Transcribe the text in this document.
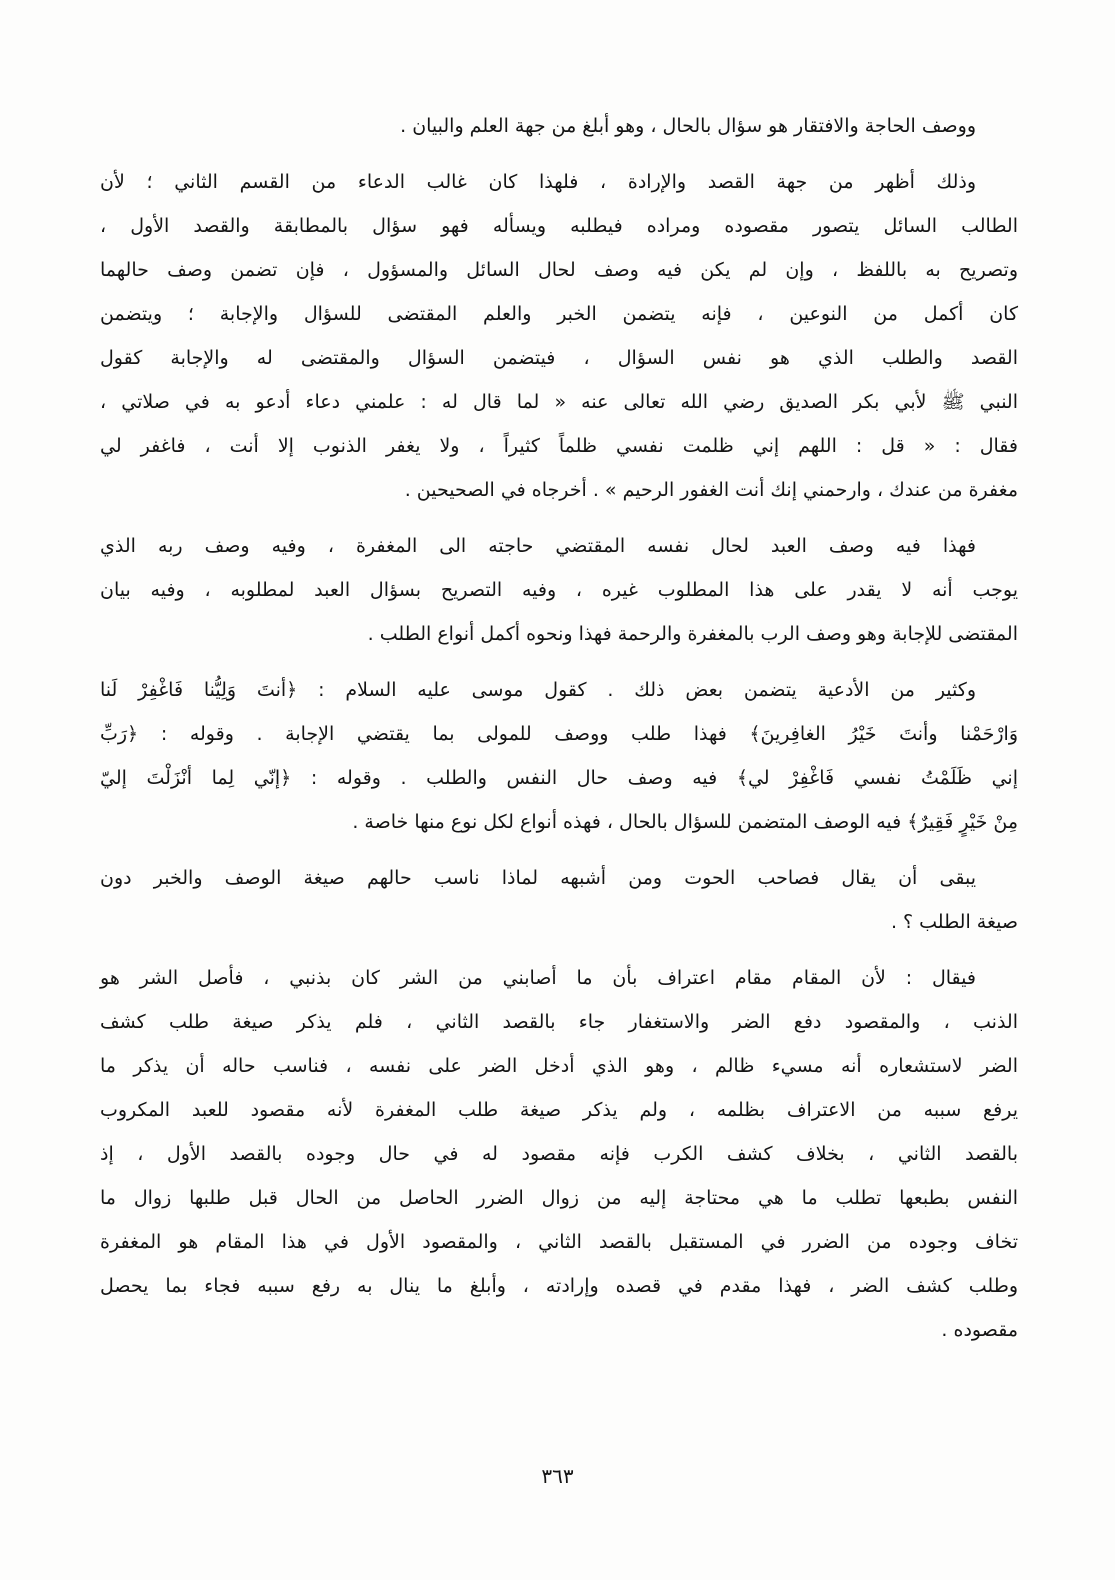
ووصف الحاجة والافتقار هو سؤال بالحال ، وهو أبلغ من جهة العلم والبيان .
وذلك أظهر من جهة القصد والإرادة ، فلهذا كان غالب الدعاء من القسم الثاني ؛ لأن
الطالب السائل يتصور مقصوده ومراده فيطلبه ويسأله فهو سؤال بالمطابقة والقصد الأول ،
وتصريح به باللفظ ، وإن لم يكن فيه وصف لحال السائل والمسؤول ، فإن تضمن وصف حالهما
كان أكمل من النوعين ، فإنه يتضمن الخبر والعلم المقتضى للسؤال والإجابة ؛ ويتضمن
القصد والطلب الذي هو نفس السؤال ، فيتضمن السؤال والمقتضى له والإجابة كقول
النبي ﷺ لأبي بكر الصديق رضي الله تعالى عنه « لما قال له : علمني دعاء أدعو به في صلاتي ،
فقال : « قل : اللهم إني ظلمت نفسي ظلماً كثيراً ، ولا يغفر الذنوب إلا أنت ، فاغفر لي
مغفرة من عندك ، وارحمني إنك أنت الغفور الرحيم » . أخرجاه في الصحيحين .
فهذا فيه وصف العبد لحال نفسه المقتضي حاجته الى المغفرة ، وفيه وصف ربه الذي
يوجب أنه لا يقدر على هذا المطلوب غيره ، وفيه التصريح بسؤال العبد لمطلوبه ، وفيه بيان
المقتضى للإجابة وهو وصف الرب بالمغفرة والرحمة فهذا ونحوه أكمل أنواع الطلب .
وكثير من الأدعية يتضمن بعض ذلك . كقول موسى عليه السلام : ﴿أنتَ وَلِيُّنا فَاغْفِرْ لَنا
وَارْحَمْنا وأنتَ خَيْرُ الغافِرينَ﴾ فهذا طلب ووصف للمولى بما يقتضي الإجابة . وقوله : ﴿رَبِّ
إني ظَلَمْتُ نفسي فَاغْفِرْ لي﴾ فيه وصف حال النفس والطلب . وقوله : ﴿إنّي لِما أنْزَلْتَ إليّ
مِنْ خَيْرٍ فَقِيرٌ﴾ فيه الوصف المتضمن للسؤال بالحال ، فهذه أنواع لكل نوع منها خاصة .
يبقى أن يقال فصاحب الحوت ومن أشبهه لماذا ناسب حالهم صيغة الوصف والخبر دون
صيغة الطلب ؟ .
فيقال : لأن المقام مقام اعتراف بأن ما أصابني من الشر كان بذنبي ، فأصل الشر هو
الذنب ، والمقصود دفع الضر والاستغفار جاء بالقصد الثاني ، فلم يذكر صيغة طلب كشف
الضر لاستشعاره أنه مسيء ظالم ، وهو الذي أدخل الضر على نفسه ، فناسب حاله أن يذكر ما
يرفع سببه من الاعتراف بظلمه ، ولم يذكر صيغة طلب المغفرة لأنه مقصود للعبد المكروب
بالقصد الثاني ، بخلاف كشف الكرب فإنه مقصود له في حال وجوده بالقصد الأول ، إذ
النفس بطبعها تطلب ما هي محتاجة إليه من زوال الضرر الحاصل من الحال قبل طلبها زوال ما
تخاف وجوده من الضرر في المستقبل بالقصد الثاني ، والمقصود الأول في هذا المقام هو المغفرة
وطلب كشف الضر ، فهذا مقدم في قصده وإرادته ، وأبلغ ما ينال به رفع سببه فجاء بما يحصل
مقصوده .
٣٦٣
